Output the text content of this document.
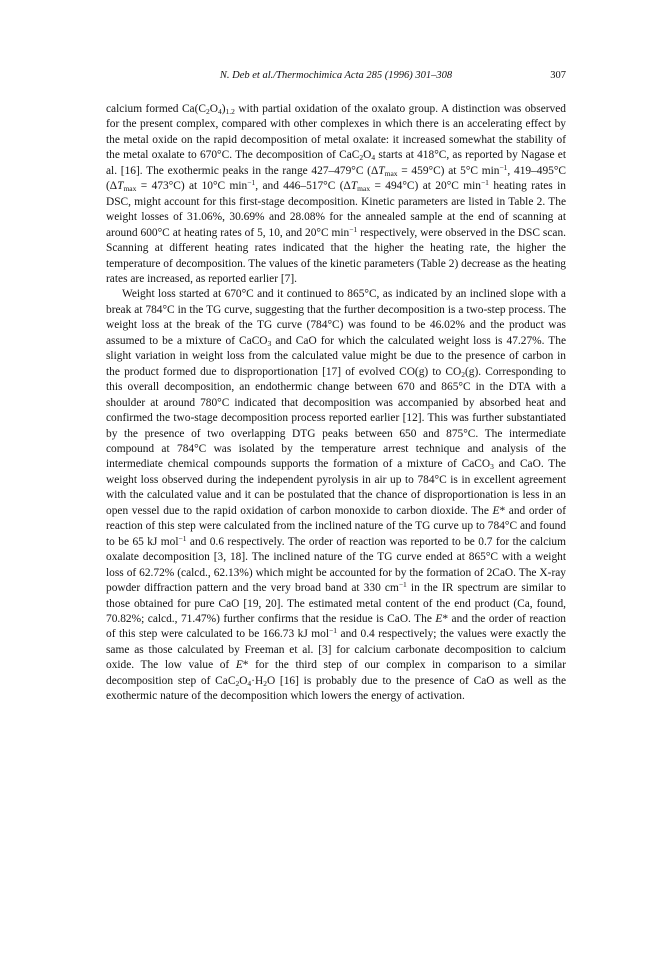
N. Deb et al./Thermochimica Acta 285 (1996) 301–308	307

calcium formed $Ca(C_2O_4)_{1.2}$ with partial oxidation of the oxalato group. A distinction was observed for the present complex, compared with other complexes in which there is an accelerating effect by the metal oxide on the rapid decomposition of metal oxalate: it increased somewhat the stability of the metal oxalate to 670°C. The decomposition of $CaC_2O_4$ starts at 418°C, as reported by Nagase et al. [16]. The exothermic peaks in the range 427–479°C $(\Delta T_{max} = 459^\circ C)$ at 5°C $\min^{-1}$, 419–495°C $(\Delta T_{max} = 473^\circ C)$ at 10°C $\min^{-1}$, and 446–517°C $(\Delta T_{max} = 494^\circ C)$ at 20°C $\min^{-1}$ heating rates in DSC, might account for this first-stage decomposition. Kinetic parameters are listed in Table 2. The weight losses of 31.06%, 30.69% and 28.08% for the annealed sample at the end of scanning at around 600°C at heating rates of 5, 10, and 20°C $\min^{-1}$ respectively, were observed in the DSC scan. Scanning at different heating rates indicated that the higher the heating rate, the higher the temperature of decomposition. The values of the kinetic parameters (Table 2) decrease as the heating rates are increased, as reported earlier [7].

Weight loss started at 670°C and it continued to 865°C, as indicated by an inclined slope with a break at 784°C in the TG curve, suggesting that the further decomposition is a two-step process. The weight loss at the break of the TG curve (784°C) was found to be 46.02% and the product was assumed to be a mixture of CaCO$_3$ and CaO for which the calculated weight loss is 47.27%. The slight variation in weight loss from the calculated value might be due to the presence of carbon in the product formed due to disproportionation [17] of evolved CO(g) to $CO_2(g)$. Corresponding to this overall decomposition, an endothermic change between 670 and 865°C in the DTA with a shoulder at around 780°C indicated that decomposition was accompanied by absorbed heat and confirmed the two-stage decomposition process reported earlier [12]. This was further substantiated by the presence of two overlapping DTG peaks between 650 and 875°C. The intermediate compound at 784°C was isolated by the temperature arrest technique and analysis of the intermediate chemical compounds supports the formation of a mixture of CaCO$_3$ and CaO. The weight loss observed during the independent pyrolysis in air up to 784°C is in excellent agreement with the calculated value and it can be postulated that the chance of disproportionation is less in an open vessel due to the rapid oxidation of carbon monoxide to carbon dioxide. The E* and order of reaction of this step were calculated from the inclined nature of the TG curve up to 784°C and found to be 65 kJ mol$^{-1}$ and 0.6 respectively. The order of reaction was reported to be 0.7 for the calcium oxalate decomposition [3, 18]. The inclined nature of the TG curve ended at 865°C with a weight loss of 62.72% (calcd., 62.13%) which might be accounted for by the formation of 2CaO. The X-ray powder diffraction pattern and the very broad band at 330 $cm^{-1}$ in the IR spectrum are similar to those obtained for pure CaO [19, 20]. The estimated metal content of the end product (Ca, found, 70.82%; calcd., 71.47%) further confirms that the residue is CaO. The E* and the order of reaction of this step were calculated to be 166.73 kJ mol$^{-1}$ and 0.4 respectively; the values were exactly the same as those calculated by Freeman et al. [3] for calcium carbonate decomposition to calcium oxide. The low value of E* for the third step of our complex in comparison to a similar decomposition step of $CaC_2O_4\cdot H_2O$ [16] is probably due to the presence of CaO as well as the exothermic nature of the decomposition which lowers the energy of activation.
